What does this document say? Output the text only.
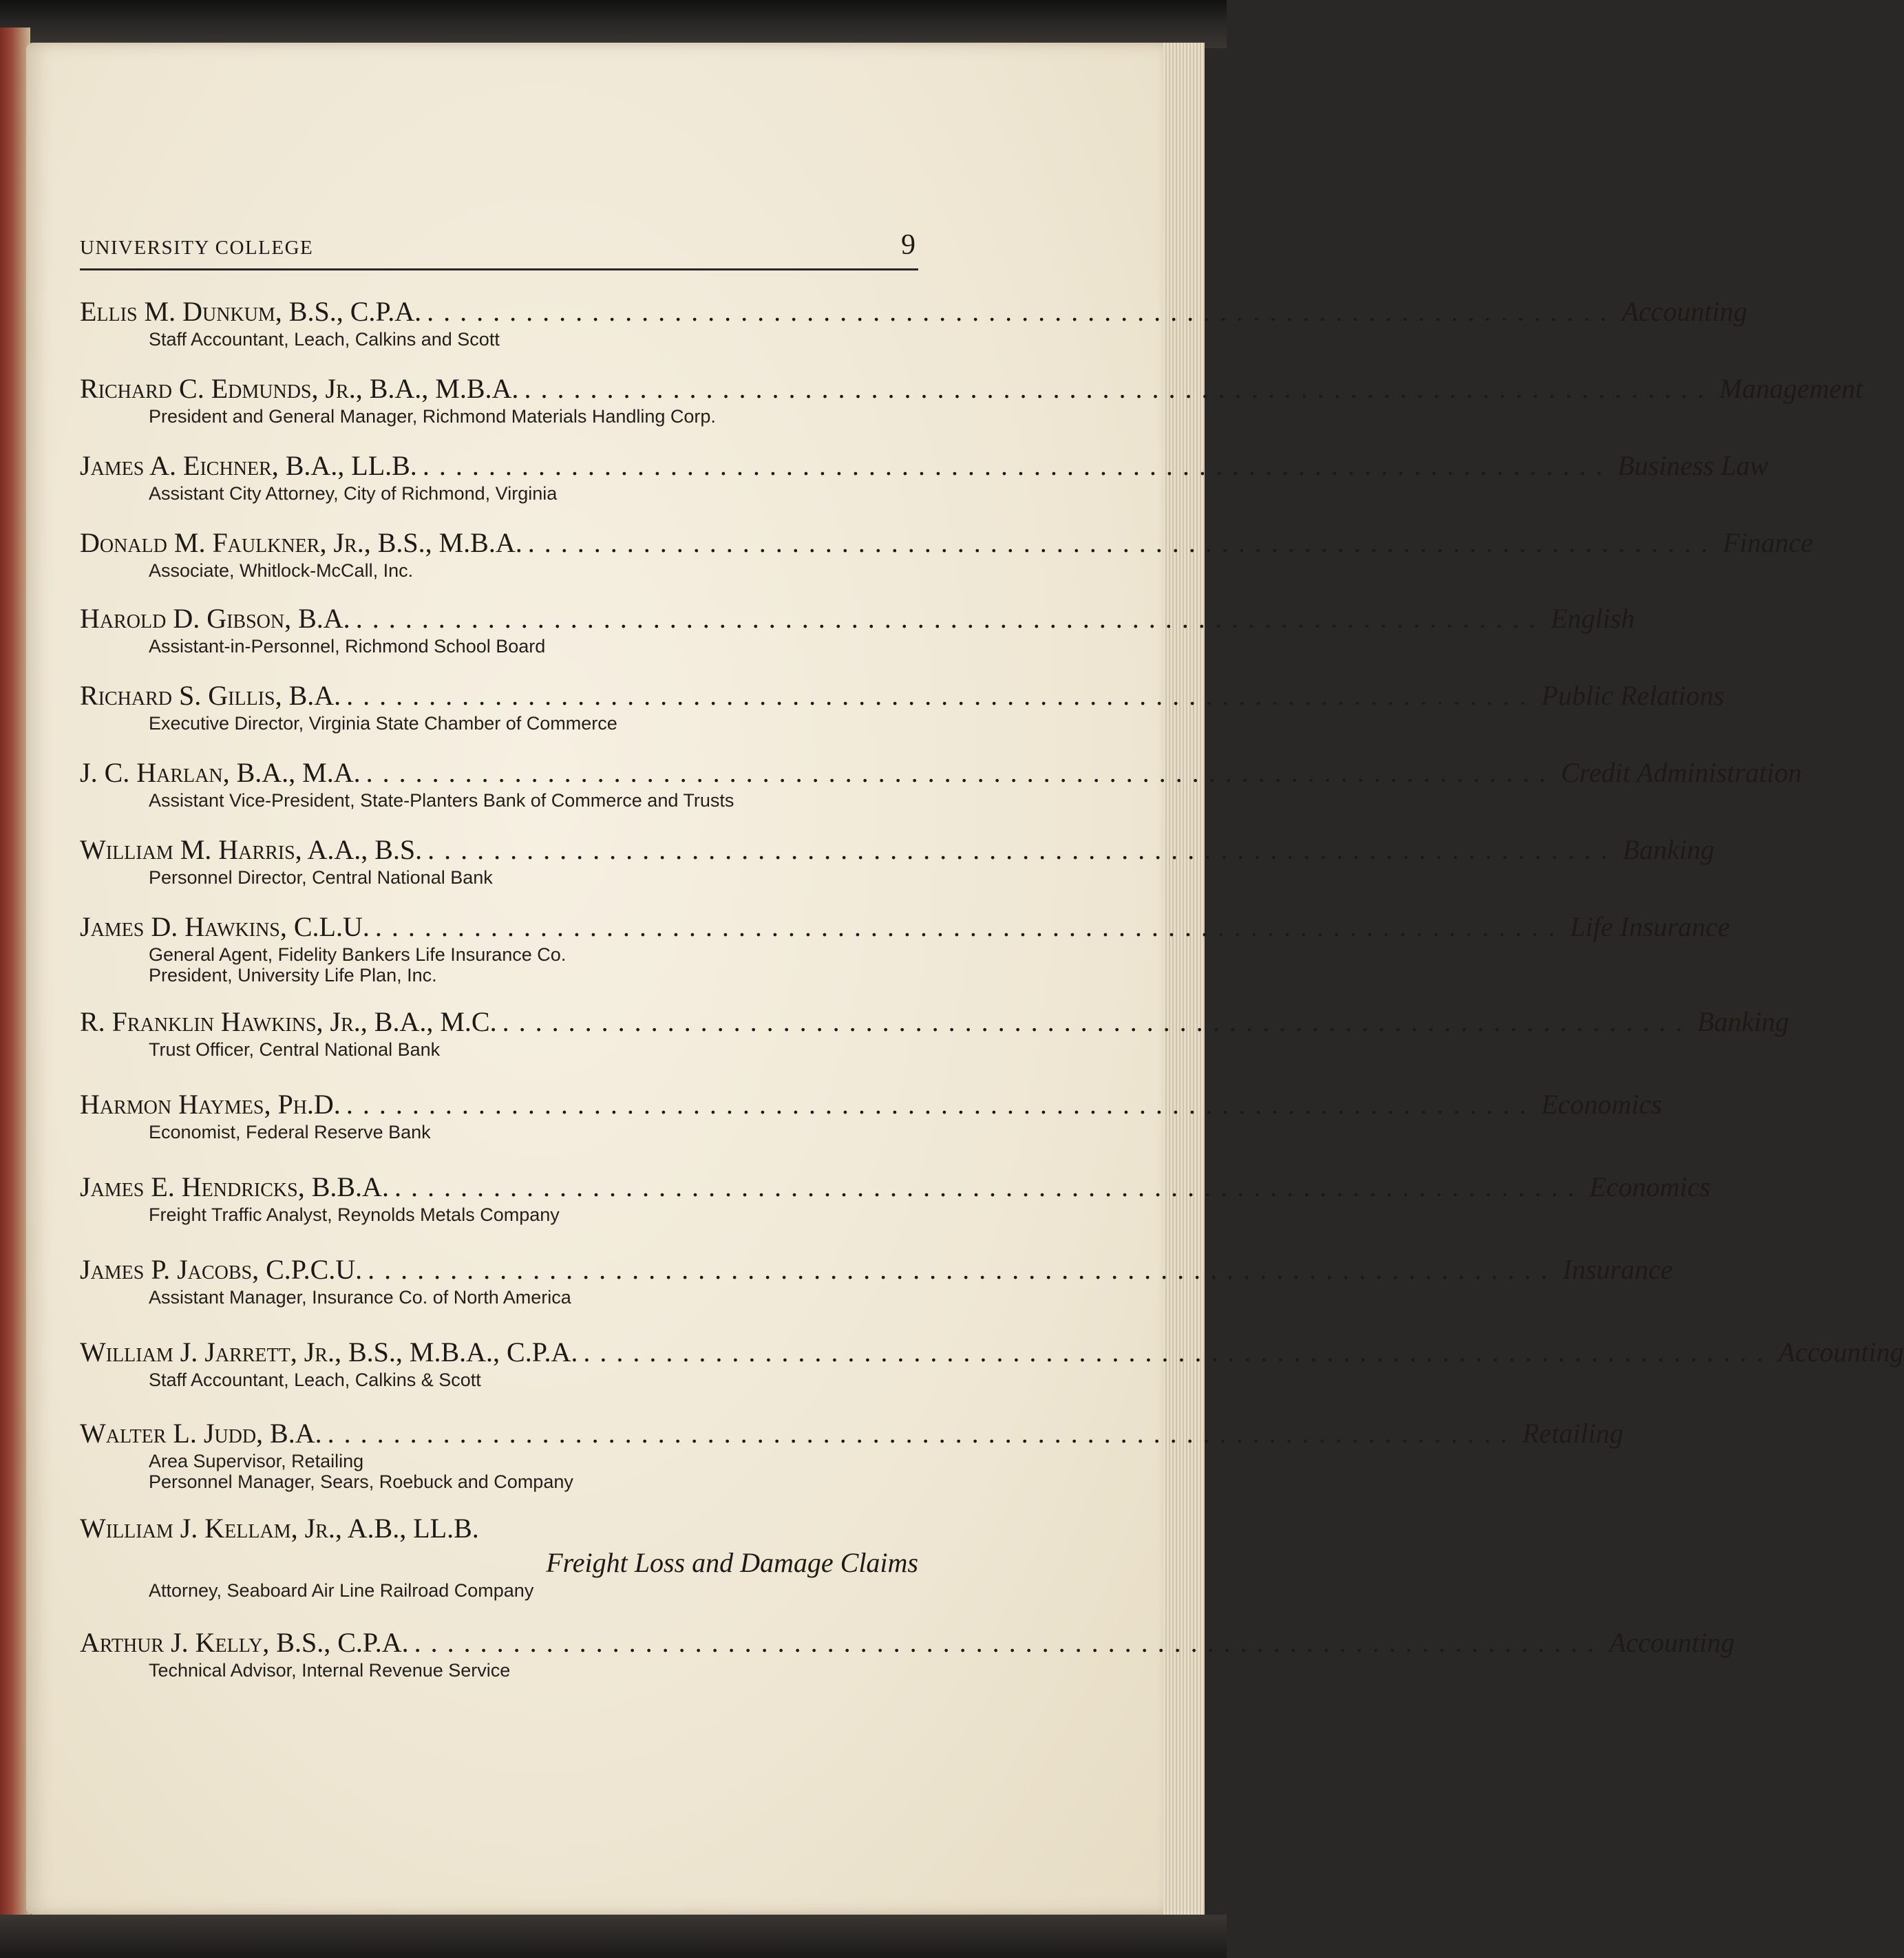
UNIVERSITY COLLEGE	9
Ellis M. Dunkum, B.S., C.P.A. ........................................................................ Accounting
Staff Accountant, Leach, Calkins and Scott
Richard C. Edmunds, Jr., B.A., M.B.A. ........................................................................ Management
President and General Manager, Richmond Materials Handling Corp.
James A. Eichner, B.A., LL.B. ........................................................................ Business Law
Assistant City Attorney, City of Richmond, Virginia
Donald M. Faulkner, Jr., B.S., M.B.A. ........................................................................ Finance
Associate, Whitlock-McCall, Inc.
Harold D. Gibson, B.A. ........................................................................ English
Assistant-in-Personnel, Richmond School Board
Richard S. Gillis, B.A. ........................................................................ Public Relations
Executive Director, Virginia State Chamber of Commerce
J. C. Harlan, B.A., M.A. ........................................................................ Credit Administration
Assistant Vice-President, State-Planters Bank of Commerce and Trusts
William M. Harris, A.A., B.S. ........................................................................ Banking
Personnel Director, Central National Bank
James D. Hawkins, C.L.U. ........................................................................ Life Insurance
General Agent, Fidelity Bankers Life Insurance Co.
President, University Life Plan, Inc.
R. Franklin Hawkins, Jr., B.A., M.C. ........................................................................ Banking
Trust Officer, Central National Bank
Harmon Haymes, Ph.D. ........................................................................ Economics
Economist, Federal Reserve Bank
James E. Hendricks, B.B.A. ........................................................................ Economics
Freight Traffic Analyst, Reynolds Metals Company
James P. Jacobs, C.P.C.U. ........................................................................ Insurance
Assistant Manager, Insurance Co. of North America
William J. Jarrett, Jr., B.S., M.B.A., C.P.A. ........................................................................ Accounting
Staff Accountant, Leach, Calkins & Scott
Walter L. Judd, B.A. ........................................................................ Retailing
Area Supervisor, Retailing
Personnel Manager, Sears, Roebuck and Company
William J. Kellam, Jr., A.B., LL.B.
Freight Loss and Damage Claims
Attorney, Seaboard Air Line Railroad Company
Arthur J. Kelly, B.S., C.P.A. ........................................................................ Accounting
Technical Advisor, Internal Revenue Service
